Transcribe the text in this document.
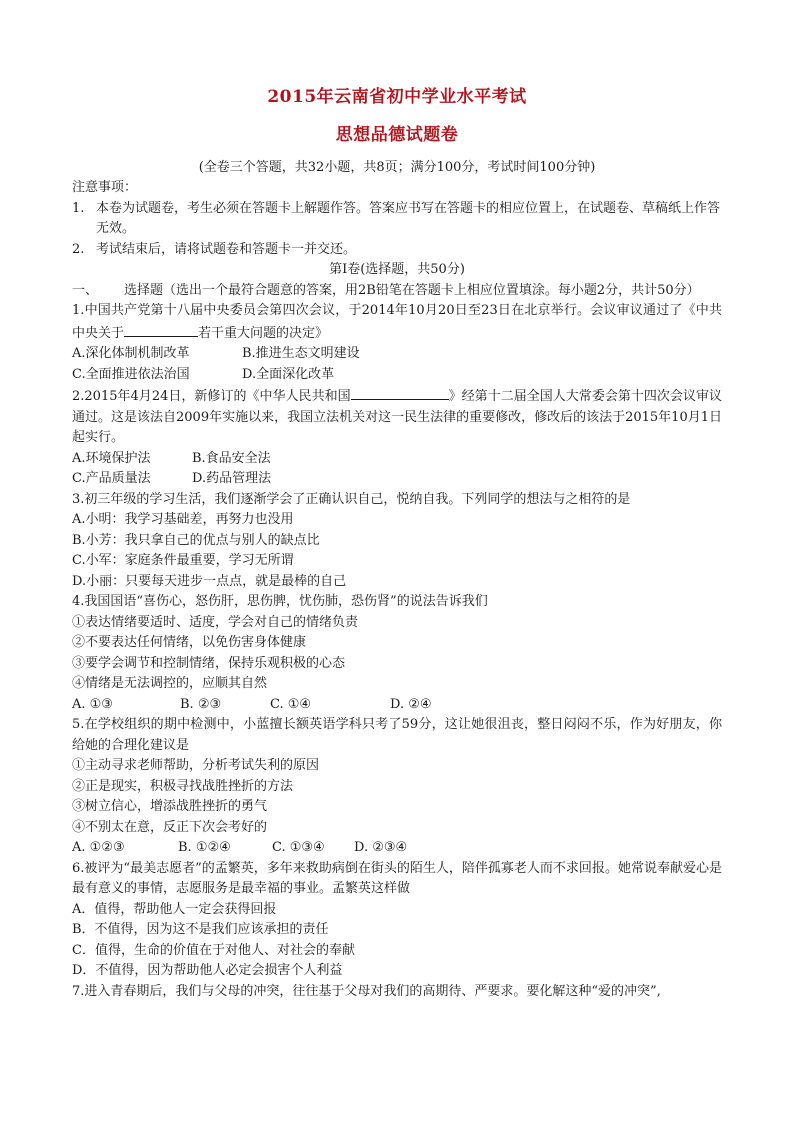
2015年云南省初中学业水平考试
思想品德试题卷
(全卷三个答题，共32小题，共8页；满分100分，考试时间100分钟)
注意事项：
1. 本卷为试题卷，考生必须在答题卡上解题作答。答案应书写在答题卡的相应位置上，在试题卷、草稿纸上作答无效。
2. 考试结束后，请将试题卷和答题卡一并交还。
第Ⅰ卷(选择题，共50分)
一、	选择题（选出一个最符合题意的答案，用2B铅笔在答题卡上相应位置填涂。每小题2分，共计50分）
1.中国共产党第十八届中央委员会第四次会议，于2014年10月20日至23日在北京举行。会议审议通过了《中共中央关于	若干重大问题的决定》
A.深化体制机制改革	B.推进生态文明建设
C.全面推进依法治国	D.全面深化改革
2.2015年4月24日，新修订的《中华人民共和国	》经第十二届全国人大常委会第十四次会议审议通过。这是该法自2009年实施以来，我国立法机关对这一民生法律的重要修改，修改后的该法于2015年10月1日起实行。
A.环境保护法	B.食品安全法
C.产品质量法	D.药品管理法
3.初三年级的学习生活，我们逐渐学会了正确认识自己，悦纳自我。下列同学的想法与之相符的是
A.小明：我学习基础差，再努力也没用
B.小芳：我只拿自己的优点与别人的缺点比
C.小军：家庭条件最重要，学习无所谓
D.小丽：只要每天进步一点点，就是最棒的自己
4.我国国语“喜伤心，怒伤肝，思伤脾，忧伤肺，恐伤肾”的说法告诉我们
①表达情绪要适时、适度，学会对自己的情绪负责
②不要表达任何情绪，以免伤害身体健康
③要学会调节和控制情绪，保持乐观积极的心态
④情绪是无法调控的，应顺其自然
A. ①③	B. ②③	C. ①④	D. ②④
5.在学校组织的期中检测中，小蓝擅长额英语学科只考了59分，这让她很沮丧，整日闷闷不乐，作为好朋友，你给她的合理化建议是
①主动寻求老师帮助，分析考试失利的原因
②正是现实，积极寻找战胜挫折的方法
③树立信心，增添战胜挫折的勇气
④不别太在意，反正下次会考好的
A. ①②③	B. ①②④	C. ①③④	D. ②③④
6.被评为“最美志愿者”的孟繁英，多年来救助病倒在街头的陌生人，陪伴孤寡老人而不求回报。她常说奉献爱心是最有意义的事情，志愿服务是最幸福的事业。孟繁英这样做
A．值得，帮助他人一定会获得回报
B．不值得，因为这不是我们应该承担的责任
C．值得，生命的价值在于对他人、对社会的奉献
D．不值得，因为帮助他人必定会损害个人利益
7.进入青春期后，我们与父母的冲突，往往基于父母对我们的高期待、严要求。要化解这种“爱的冲突”,
